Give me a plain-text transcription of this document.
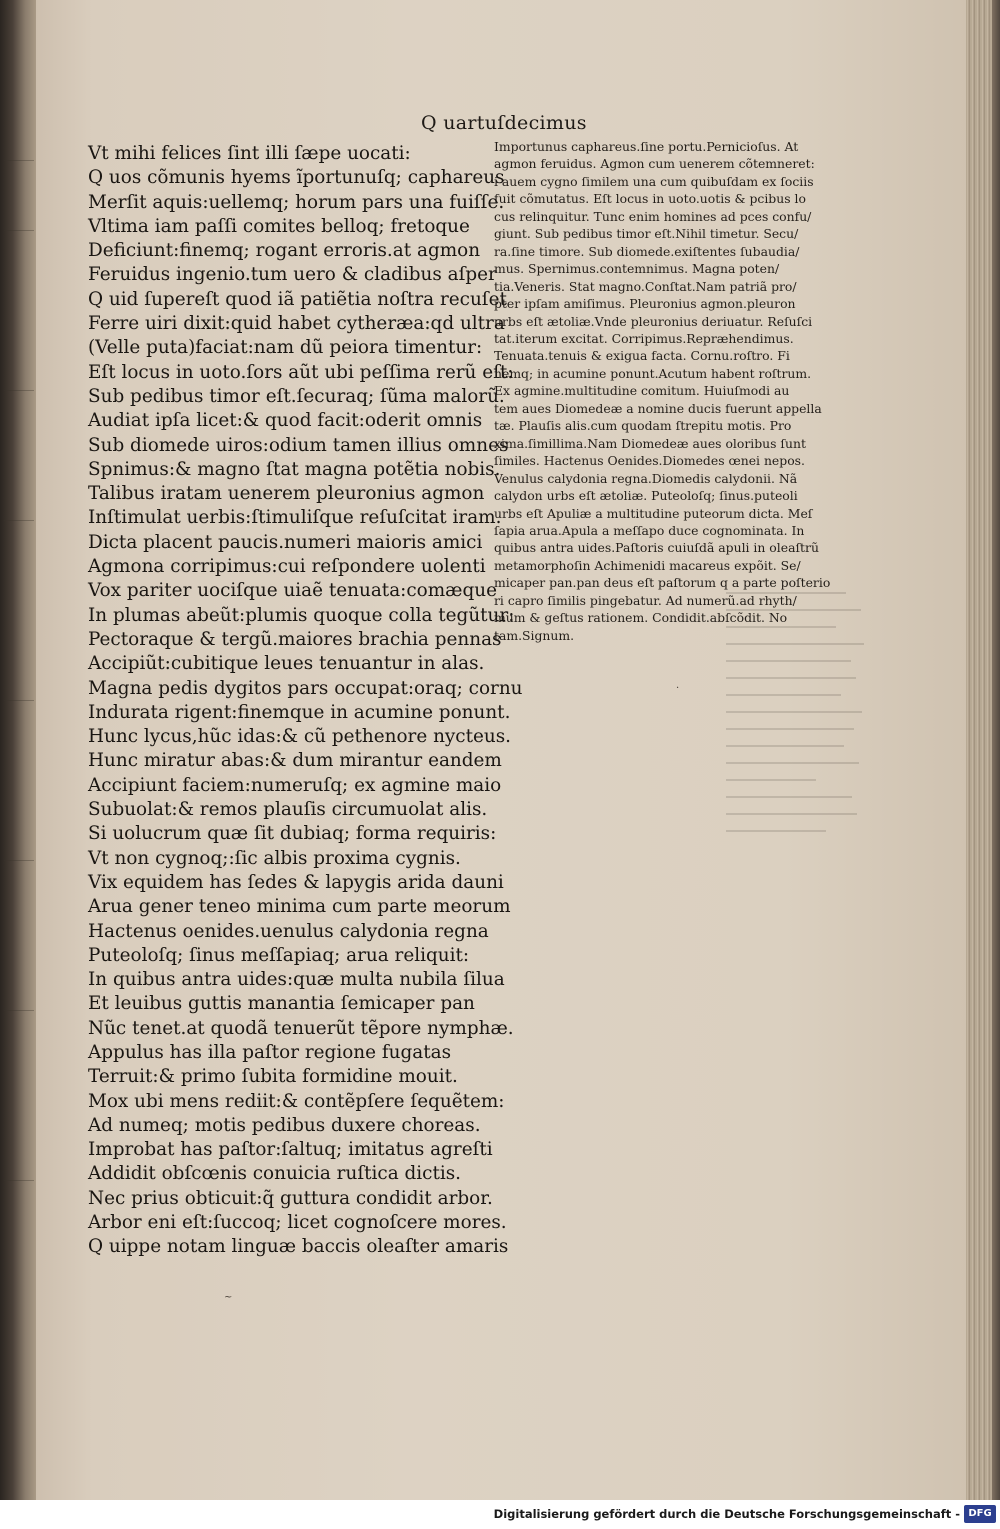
Q uartuſdecimus
Vt mihi felices ſint illi ſæpe uocati:
Q uos cõmunis hyems ĩportunuſq; caphareus
Merſit aquis:uellemq; horum pars una fuiſſe.
Vltima iam paſſi comites belloq; fretoque
Deficiunt:finemq; rogant erroris.at agmon
Feruidus ingenio.tum uero & cladibus aſper
Q uid ſupereſt quod iã patiẽtia noſtra recuſet
Ferre uiri dixit:quid habet cytheræa:qd ultra
(Velle puta)faciat:nam dũ peiora timentur:
Eſt locus in uoto.ſors aũt ubi peſſima rerũ eſt:
Sub pedibus timor eſt.ſecuraq; ſũma malorũ.
Audiat ipſa licet:& quod facit:oderit omnis
Sub diomede uiros:odium tamen illius omnes
Spnimus:& magno ſtat magna potẽtia nobis.
Talibus iratam uenerem pleuronius agmon
Inſtimulat uerbis:ſtimuliſque reſuſcitat iram.
Dicta placent paucis.numeri maioris amici
Agmona corripimus:cui reſpondere uolenti
Vox pariter uociſque uiaẽ tenuata:comæque
In plumas abeũt:plumis quoque colla tegũtur:
Pectoraque & tergũ.maiores brachia pennas
Accipiũt:cubitique leues tenuantur in alas.
Magna pedis dygitos pars occupat:oraq; cornu
Indurata rigent:finemque in acumine ponunt.
Hunc lycus,hũc idas:& cũ pethenore nycteus.
Hunc miratur abas:& dum mirantur eandem
Accipiunt faciem:numeruſq; ex agmine maio
Subuolat:& remos plauſis circumuolat alis.
Si uolucrum quæ ſit dubiaq; forma requiris:
Vt non cygnoq;:ſic albis proxima cygnis.
Vix equidem has ſedes & lapygis arida dauni
Arua gener teneo minima cum parte meorum
Hactenus oenides.uenulus calydonia regna
Puteoloſq; ſinus meſſapiaq; arua reliquit:
In quibus antra uides:quæ multa nubila ſilua
Et leuibus guttis manantia ſemicaper pan
Nũc tenet.at quodã tenuerũt tẽpore nymphæ.
Appulus has illa paſtor regione fugatas
Terruit:& primo ſubita formidine mouit.
Mox ubi mens rediit:& contẽpſere ſequẽtem:
Ad numeq; motis pedibus duxere choreas.
Improbat has paſtor:ſaltuq; imitatus agreſti
Addidit obſcœnis conuicia ruſtica dictis.
Nec prius obticuit:q̃ guttura condidit arbor.
Arbor eni eſt:ſuccoq; licet cognoſcere mores.
Q uippe notam linguæ baccis oleaſter amaris
Importunus caphareus.ſine portu.Pernicioſus. At
agmon feruidus. Agmon cum uenerem cõtemneret:
i auem cygno ſimilem una cum quibuſdam ex ſociis
fuit cõmutatus. Eſt locus in uoto.uotis & pcibus lo
cus relinquitur. Tunc enim homines ad pces confu/
giunt. Sub pedibus timor eſt.Nihil timetur. Secu/
ra.ſine timore. Sub diomede.exiſtentes ſubaudia/
mus. Spernimus.contemnimus. Magna poten/
tia.Veneris. Stat magno.Conſtat.Nam patriã pro/
pter ipſam amiſimus. Pleuronius agmon.pleuron
urbs eſt ætoliæ.Vnde pleuronius deriuatur. Reſuſci
tat.iterum excitat. Corripimus.Repræhendimus.
Tenuata.tenuis & exigua facta. Cornu.roſtro. Fi
nemq; in acumine ponunt.Acutum habent roſtrum.
Ex agmine.multitudine comitum. Huiuſmodi au
tem aues Diomedeæ a nomine ducis fuerunt appella
tæ. Plauſis alis.cum quodam ſtrepitu motis. Pro
xima.ſimillima.Nam Diomedeæ aues oloribus ſunt
ſimiles. Hactenus Oenides.Diomedes œnei nepos.
Venulus calydonia regna.Diomedis calydonii. Nã
calydon urbs eſt ætoliæ. Puteoloſq; ſinus.puteoli
urbs eſt Apuliæ a multitudine puteorum dicta. Meſ
ſapia arua.Apula a meſſapo duce cognominata. In
quibus antra uides.Paſtoris cuiuſdã apuli in oleaſtrũ
metamorphoſin Achimenidi macareus expõit. Se/
micaper pan.pan deus eſt paſtorum q a parte poſterio
ri capro ſimilis pingebatur. Ad numerũ.ad rhyth/
mum & geſtus rationem. Condidit.abſcõdit. No
tam.Signum.
·
~
Digitalisierung gefördert durch die Deutsche Forschungsgemeinschaft - DFG
